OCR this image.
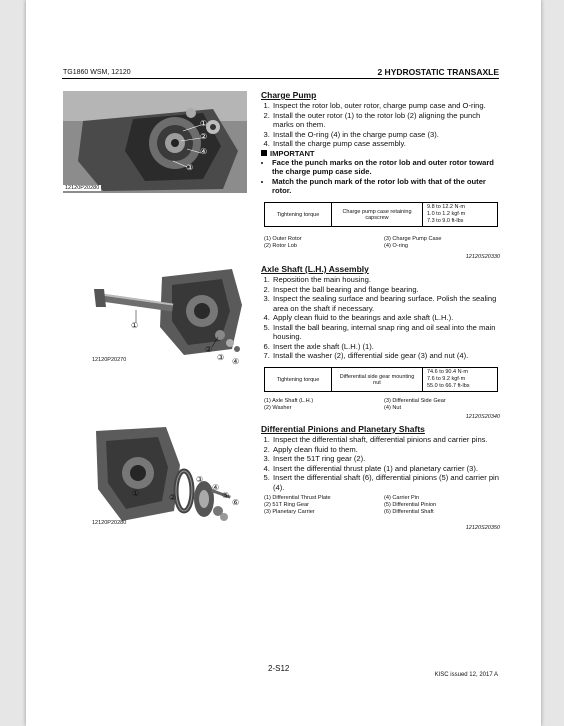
TG1860 WSM, 12120	2 HYDROSTATIC TRANSAXLE
①
②
④
③
12120P20280
Charge Pump
1. Inspect the rotor lob, outer rotor, charge pump case and O-ring.
2. Install the outer rotor (1) to the rotor lob (2) aligning the punch marks on them.
3. Install the O-ring (4) in the charge pump case (3).
4. Install the charge pump case assembly.
IMPORTANT
• Face the punch marks on the rotor lob and outer rotor toward the charge pump case side.
• Match the punch mark of the rotor lob with that of the outer rotor.
Tightening torque	Charge pump case retaining capscrew	
9.8 to 12.2 N·m
1.0 to 1.2 kgf·m
7.3 to 9.0 ft-lbs
(1) Outer Rotor	(3) Charge Pump Case
(2) Rotor Lob	(4) O-ring
12120S20330
①
②
③ ④
12120P20270
Axle Shaft (L.H.) Assembly
1. Reposition the main housing.
2. Inspect the ball bearing and flange bearing.
3. Inspect the sealing surface and bearing surface. Polish the sealing area on the shaft if necessary.
4. Apply clean fluid to the bearings and axle shaft (L.H.).
5. Install the ball bearing, internal snap ring and oil seal into the main housing.
6. Insert the axle shaft (L.H.) (1).
7. Install the washer (2), differential side gear (3) and nut (4).
Tightening torque	Differential side gear mounting nut	
74.6 to 90.4 N·m
7.6 to 9.2 kgf·m
55.0 to 66.7 ft-lbs
(1) Axle Shaft (L.H.)	(3) Differential Side Gear
(2) Washer	(4) Nut
12120S20340
①	②
③
④
⑤
⑥
12120P20280
Differential Pinions and Planetary Shafts
1. Inspect the differential shaft, differential pinions and carrier pins.
2. Apply clean fluid to them.
3. Insert the 51T ring gear (2).
4. Insert the differential thrust plate (1) and planetary carrier (3).
5. Insert the differential shaft (6), differential pinions (5) and carrier pin (4).
(1) Differential Thrust Plate	(4) Carrier Pin
(2) 51T Ring Gear	(5) Differential Pinion
(3) Planetary Carrier	(6) Differential Shaft
12120S20350
2-S12
KISC issued 12, 2017 A
